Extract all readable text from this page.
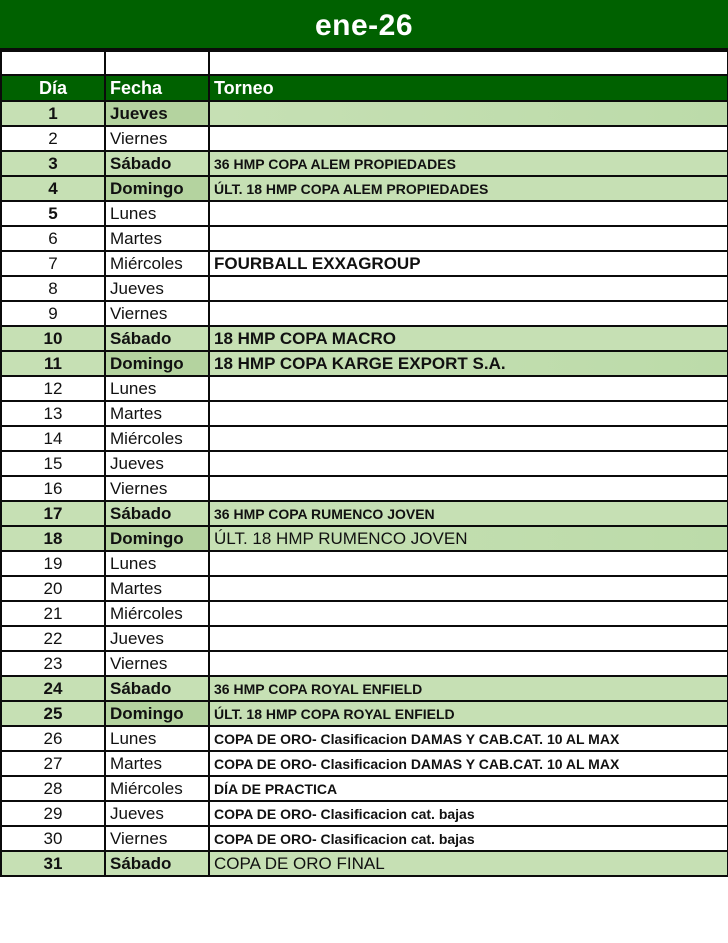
ene-26

Día	Fecha	Torneo
1	Jueves	
2	Viernes	
3	Sábado	36 HMP COPA ALEM PROPIEDADES
4	Domingo	ÚLT. 18 HMP COPA ALEM PROPIEDADES
5	Lunes	
6	Martes	
7	Miércoles	FOURBALL EXXAGROUP
8	Jueves	
9	Viernes	
10	Sábado	18 HMP COPA MACRO
11	Domingo	18 HMP COPA KARGE EXPORT S.A.
12	Lunes	
13	Martes	
14	Miércoles	
15	Jueves	
16	Viernes	
17	Sábado	36 HMP COPA RUMENCO JOVEN
18	Domingo	ÚLT. 18 HMP RUMENCO JOVEN
19	Lunes	
20	Martes	
21	Miércoles	
22	Jueves	
23	Viernes	
24	Sábado	36 HMP COPA ROYAL ENFIELD
25	Domingo	ÚLT. 18 HMP COPA ROYAL ENFIELD
26	Lunes	COPA DE ORO- Clasificacion DAMAS Y CAB.CAT. 10 AL MAX
27	Martes	COPA DE ORO- Clasificacion DAMAS Y CAB.CAT. 10 AL MAX
28	Miércoles	DÍA DE PRACTICA
29	Jueves	COPA DE ORO- Clasificacion cat. bajas
30	Viernes	COPA DE ORO- Clasificacion cat. bajas
31	Sábado	COPA DE ORO FINAL
